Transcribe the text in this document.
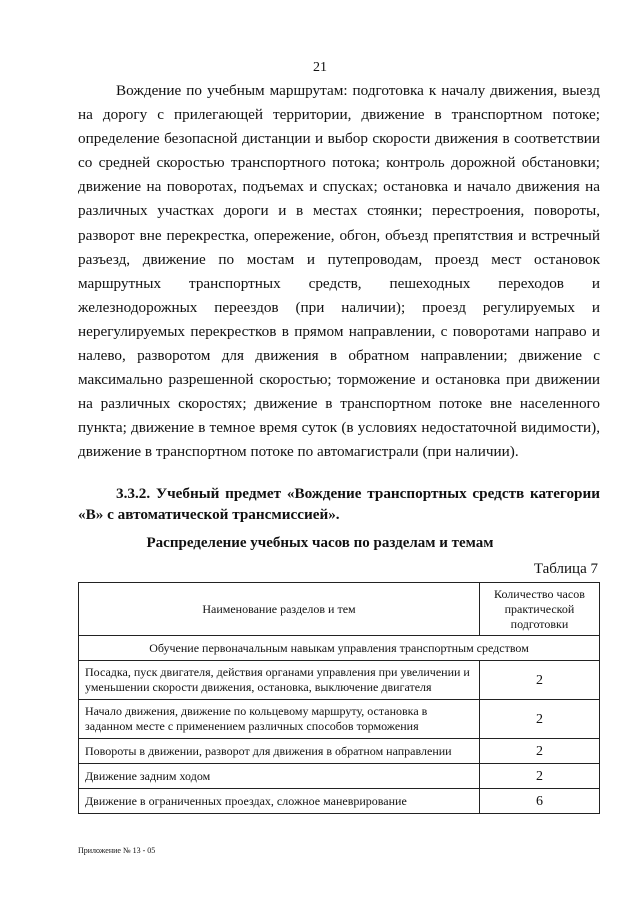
21

Вождение по учебным маршрутам: подготовка к началу движения, выезд на дорогу с прилегающей территории, движение в транспортном потоке; определение безопасной дистанции и выбор скорости движения в соответствии со средней скоростью транспортного потока; контроль дорожной обстановки; движение на поворотах, подъемах и спусках; остановка и начало движения на различных участках дороги и в местах стоянки; перестроения, повороты, разворот вне перекрестка, опережение, обгон, объезд препятствия и встречный разъезд, движение по мостам и путепроводам, проезд мест остановок маршрутных транспортных средств, пешеходных переходов и железнодорожных переездов (при наличии); проезд регулируемых и нерегулируемых перекрестков в прямом направлении, с поворотами направо и налево, разворотом для движения в обратном направлении; движение с максимально разрешенной скоростью; торможение и остановка при движении на различных скоростях; движение в транспортном потоке вне населенного пункта; движение в темное время суток (в условиях недостаточной видимости), движение в транспортном потоке по автомагистрали (при наличии).

3.3.2. Учебный предмет «Вождение транспортных средств категории «B» с автоматической трансмиссией».

Распределение учебных часов по разделам и темам
Таблица 7
Наименование разделов и тем	Количество часов практической подготовки
Обучение первоначальным навыкам управления транспортным средством	
Посадка, пуск двигателя, действия органами управления при увеличении и уменьшении скорости движения, остановка, выключение двигателя	2
Начало движения, движение по кольцевому маршруту, остановка в заданном месте с применением различных способов торможения	2
Повороты в движении, разворот для движения в обратном направлении	2
Движение задним ходом	2
Движение в ограниченных проездах, сложное маневрирование	6
Приложение № 13 - 05
